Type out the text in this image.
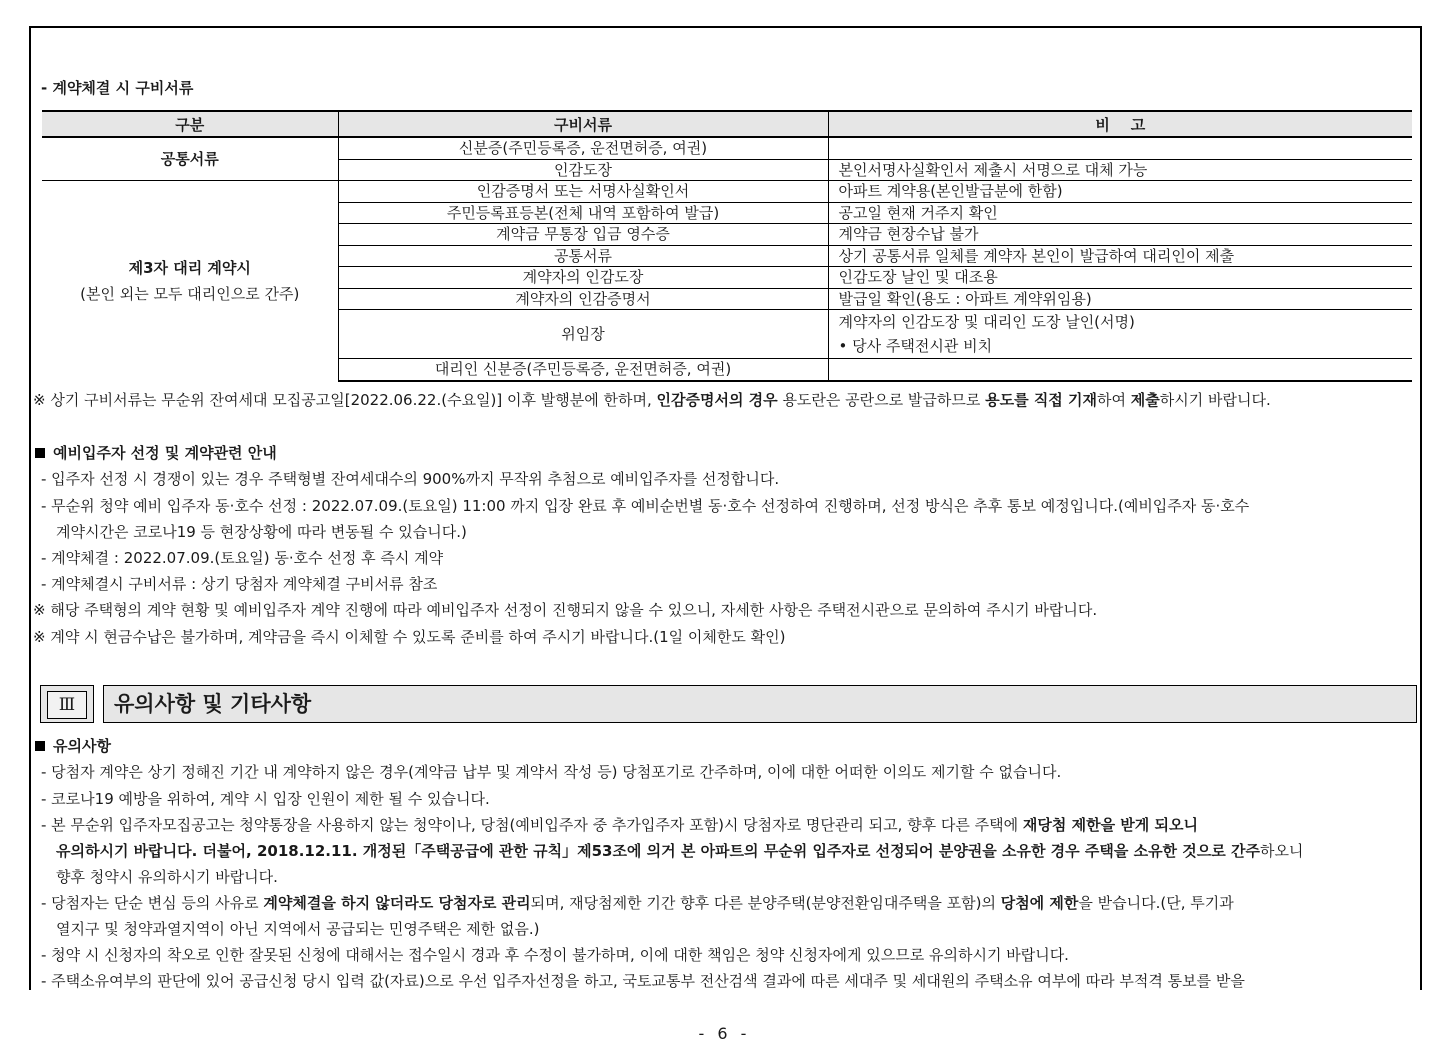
- 계약체결 시 구비서류
구분	구비서류	비    고
공통서류	신분증(주민등록증, 운전면허증, 여권)	
	인감도장	본인서명사실확인서 제출시 서명으로 대체 가능

제3자 대리 계약시
(본인 외는 모두 대리인으로 간주)	인감증명서 또는 서명사실확인서	아파트 계약용(본인발급분에 한함)
	주민등록표등본(전체 내역 포함하여 발급)	공고일 현재 거주지 확인
	계약금 무통장 입금 영수증	계약금 현장수납 불가
	공통서류	상기 공통서류 일체를 계약자 본인이 발급하여 대리인이 제출
	계약자의 인감도장	인감도장 날인 및 대조용
	계약자의 인감증명서	발급일 확인(용도 : 아파트 계약위임용)
	위임장	계약자의 인감도장 및 대리인 도장 날인(서명)
• 당사 주택전시관 비치

	대리인 신분증(주민등록증, 운전면허증, 여권)	
※ 상기 구비서류는 무순위 잔여세대 모집공고일[2022.06.22.(수요일)] 이후 발행분에 한하며, 인감증명서의 경우 용도란은 공란으로 발급하므로 용도를 직접 기재하여 제출하시기 바랍니다.
예비입주자 선정 및 계약관련 안내
- 입주자 선정 시 경쟁이 있는 경우 주택형별 잔여세대수의 900%까지 무작위 추첨으로 예비입주자를 선정합니다.
- 무순위 청약 예비 입주자 동·호수 선정 : 2022.07.09.(토요일) 11:00 까지 입장 완료 후 예비순번별 동·호수 선정하여 진행하며, 선정 방식은 추후 통보 예정입니다.(예비입주자 동·호수
계약시간은 코로나19 등 현장상황에 따라 변동될 수 있습니다.)
- 계약체결 : 2022.07.09.(토요일) 동·호수 선정 후 즉시 계약
- 계약체결시 구비서류 : 상기 당첨자 계약체결 구비서류 참조
※ 해당 주택형의 계약 현황 및 예비입주자 계약 진행에 따라 예비입주자 선정이 진행되지 않을 수 있으니, 자세한 사항은 주택전시관으로 문의하여 주시기 바랍니다.
※ 계약 시 현금수납은 불가하며, 계약금을 즉시 이체할 수 있도록 준비를 하여 주시기 바랍니다.(1일 이체한도 확인)
Ⅲ	유의사항 및 기타사항
유의사항
- 당첨자 계약은 상기 정해진 기간 내 계약하지 않은 경우(계약금 납부 및 계약서 작성 등) 당첨포기로 간주하며, 이에 대한 어떠한 이의도 제기할 수 없습니다.
- 코로나19 예방을 위하여, 계약 시 입장 인원이 제한 될 수 있습니다.
- 본 무순위 입주자모집공고는 청약통장을 사용하지 않는 청약이나, 당첨(예비입주자 중 추가입주자 포함)시 당첨자로 명단관리 되고, 향후 다른 주택에 재당첨 제한을 받게 되오니
유의하시기 바랍니다. 더불어, 2018.12.11. 개정된「주택공급에 관한 규칙」제53조에 의거 본 아파트의 무순위 입주자로 선정되어 분양권을 소유한 경우 주택을 소유한 것으로 간주하오니
향후 청약시 유의하시기 바랍니다.
- 당첨자는 단순 변심 등의 사유로 계약체결을 하지 않더라도 당첨자로 관리되며, 재당첨제한 기간 향후 다른 분양주택(분양전환임대주택을 포함)의 당첨에 제한을 받습니다.(단, 투기과
열지구 및 청약과열지역이 아닌 지역에서 공급되는 민영주택은 제한 없음.)
- 청약 시 신청자의 착오로 인한 잘못된 신청에 대해서는 접수일시 경과 후 수정이 불가하며, 이에 대한 책임은 청약 신청자에게 있으므로 유의하시기 바랍니다.
- 주택소유여부의 판단에 있어 공급신청 당시 입력 값(자료)으로 우선 입주자선정을 하고, 국토교통부 전산검색 결과에 따른 세대주 및 세대원의 주택소유 여부에 따라 부적격 통보를 받을
- 6 -
